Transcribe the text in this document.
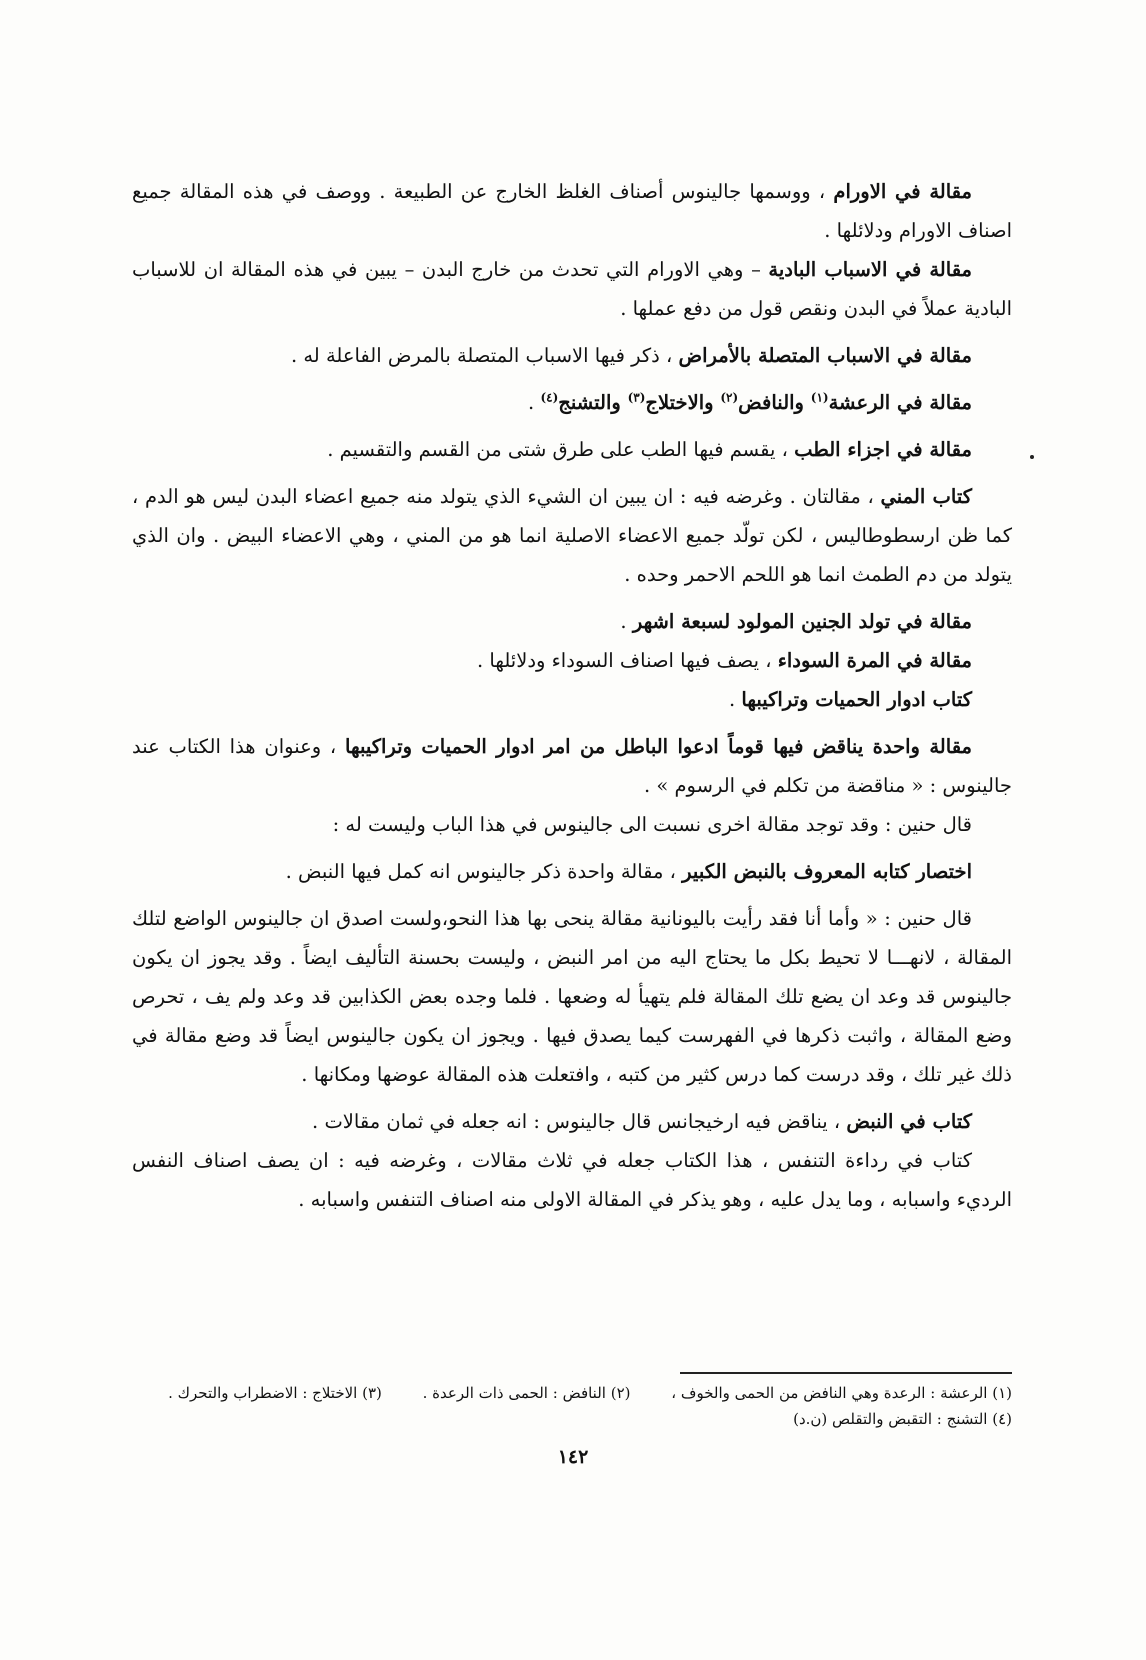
مقالة في الاورام ، ووسمها جالينوس أصناف الغلظ الخارج عن الطبيعة . ووصف في هذه المقالة جميع اصناف الاورام ودلائلها .

مقالة في الاسباب البادية – وهي الاورام التي تحدث من خارج البدن – يبين في هذه المقالة ان للاسباب البادية عملاً في البدن ونقص قول من دفع عملها .

مقالة في الاسباب المتصلة بالأمراض ، ذكر فيها الاسباب المتصلة بالمرض الفاعلة له .

مقالة في الرعشة$^{(١)}$ والنافض$^{(٢)}$ والاختلاج$^{(٣)}$ والتشنج$^{(٤)}$ .

مقالة في اجزاء الطب ، يقسم فيها الطب على طرق شتى من القسم والتقسيم .

كتاب المني ، مقالتان . وغرضه فيه : ان يبين ان الشيء الذي يتولد منه جميع اعضاء البدن ليس هو الدم ، كما ظن ارسطوطاليس ، لكن تولّد جميع الاعضاء الاصلية انما هو من المني ، وهي الاعضاء البيض . وان الذي يتولد من دم الطمث انما هو اللحم الاحمر وحده .

مقالة في تولد الجنين المولود لسبعة اشهر .

مقالة في المرة السوداء ، يصف فيها اصناف السوداء ودلائلها .

كتاب ادوار الحميات وتراكيبها .

مقالة واحدة يناقض فيها قوماً ادعوا الباطل من امر ادوار الحميات وتراكيبها ، وعنوان هذا الكتاب عند جالينوس : « مناقضة من تكلم في الرسوم » .

قال حنين : وقد توجد مقالة اخرى نسبت الى جالينوس في هذا الباب وليست له :

اختصار كتابه المعروف بالنبض الكبير ، مقالة واحدة ذكر جالينوس انه كمل فيها النبض .

قال حنين : « وأما أنا فقد رأيت باليونانية مقالة ينحى بها هذا النحو،ولست اصدق ان جالينوس الواضع لتلك المقالة ، لانهـــا لا تحيط بكل ما يحتاج اليه من امر النبض ، وليست بحسنة التأليف ايضاً . وقد يجوز ان يكون جالينوس قد وعد ان يضع تلك المقالة فلم يتهيأ له وضعها . فلما وجده بعض الكذابين قد وعد ولم يف ، تحرص وضع المقالة ، واثبت ذكرها في الفهرست كيما يصدق فيها . ويجوز ان يكون جالينوس ايضاً قد وضع مقالة في ذلك غير تلك ، وقد درست كما درس كثير من كتبه ، وافتعلت هذه المقالة عوضها ومكانها .

كتاب في النبض ، يناقض فيه ارخيجانس قال جالينوس : انه جعله في ثمان مقالات .

كتاب في رداءة التنفس ، هذا الكتاب جعله في ثلاث مقالات ، وغرضه فيه : ان يصف اصناف النفس الرديء واسبابه ، وما يدل عليه ، وهو يذكر في المقالة الاولى منه اصناف التنفس واسبابه .

(١) الرعشة : الرعدة وهي النافض من الحمى والخوف ، (٢) النافض : الحمى ذات الرعدة . (٣) الاختلاج : الاضطراب والتحرك . (٤) التشنج : التقبض والتقلص (ن.د)
١٤٢
